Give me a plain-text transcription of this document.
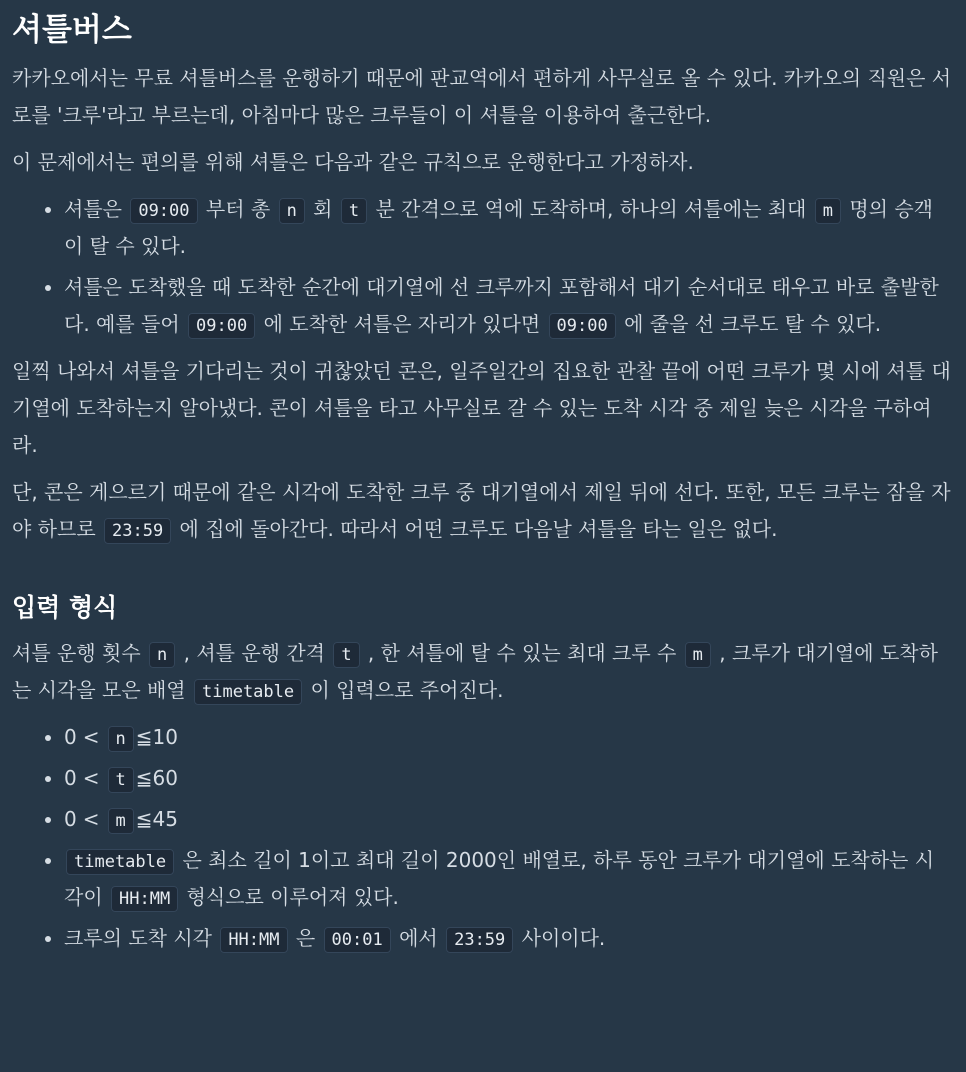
셔틀버스

카카오에서는 무료 셔틀버스를 운행하기 때문에 판교역에서 편하게 사무실로 올 수 있다. 카카오의 직원은 서로를 '크루'라고 부르는데, 아침마다 많은 크루들이 이 셔틀을 이용하여 출근한다.

이 문제에서는 편의를 위해 셔틀은 다음과 같은 규칙으로 운행한다고 가정하자.

• 셔틀은 09:00 부터 총 n 회 t 분 간격으로 역에 도착하며, 하나의 셔틀에는 최대 m 명의 승객이 탈 수 있다.
• 셔틀은 도착했을 때 도착한 순간에 대기열에 선 크루까지 포함해서 대기 순서대로 태우고 바로 출발한다. 예를 들어 09:00 에 도착한 셔틀은 자리가 있다면 09:00 에 줄을 선 크루도 탈 수 있다.

일찍 나와서 셔틀을 기다리는 것이 귀찮았던 콘은, 일주일간의 집요한 관찰 끝에 어떤 크루가 몇 시에 셔틀 대기열에 도착하는지 알아냈다. 콘이 셔틀을 타고 사무실로 갈 수 있는 도착 시각 중 제일 늦은 시각을 구하여라.

단, 콘은 게으르기 때문에 같은 시각에 도착한 크루 중 대기열에서 제일 뒤에 선다. 또한, 모든 크루는 잠을 자야 하므로 23:59 에 집에 돌아간다. 따라서 어떤 크루도 다음날 셔틀을 타는 일은 없다.

입력 형식

셔틀 운행 횟수 n , 셔틀 운행 간격 t , 한 셔틀에 탈 수 있는 최대 크루 수 m , 크루가 대기열에 도착하는 시각을 모은 배열 timetable 이 입력으로 주어진다.

• 0 < n ≦10
• 0 < t ≦60
• 0 < m ≦45
• timetable 은 최소 길이 1이고 최대 길이 2000인 배열로, 하루 동안 크루가 대기열에 도착하는 시각이 HH:MM 형식으로 이루어져 있다.
• 크루의 도착 시각 HH:MM 은 00:01 에서 23:59 사이이다.
